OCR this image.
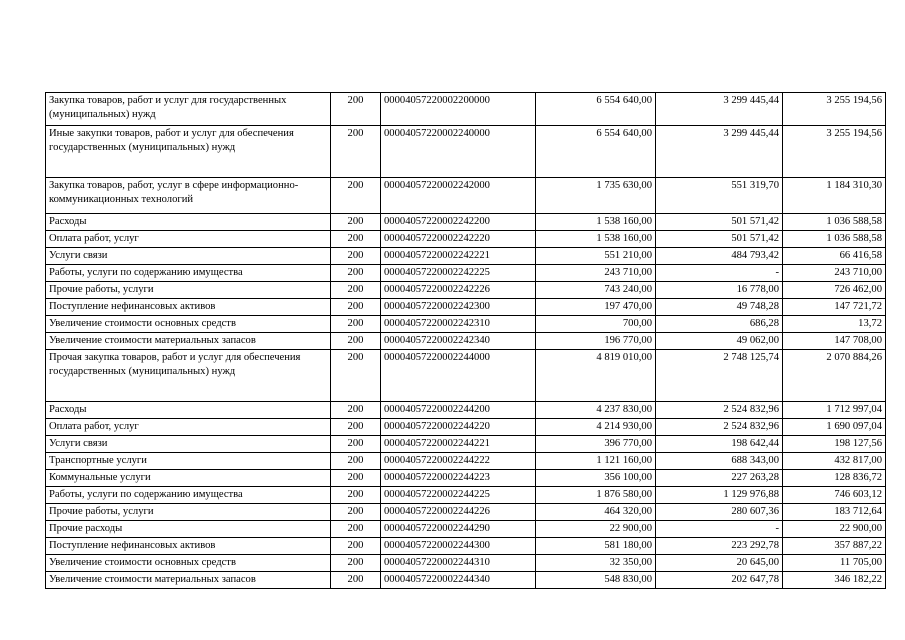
Закупка товаров, работ и услуг для государственных (муниципальных) нужд	200	00004057220002200000	6 554 640,00	3 299 445,44	3 255 194,56
Иные закупки товаров, работ и услуг для обеспечения государственных (муниципальных) нужд	200	00004057220002240000	6 554 640,00	3 299 445,44	3 255 194,56
Закупка товаров, работ, услуг в сфере информационно-коммуникационных технологий	200	00004057220002242000	1 735 630,00	551 319,70	1 184 310,30
Расходы	200	00004057220002242200	1 538 160,00	501 571,42	1 036 588,58
Оплата работ, услуг	200	00004057220002242220	1 538 160,00	501 571,42	1 036 588,58
Услуги связи	200	00004057220002242221	551 210,00	484 793,42	66 416,58
Работы, услуги по содержанию имущества	200	00004057220002242225	243 710,00	-	243 710,00
Прочие работы, услуги	200	00004057220002242226	743 240,00	16 778,00	726 462,00
Поступление нефинансовых активов	200	00004057220002242300	197 470,00	49 748,28	147 721,72
Увеличение стоимости основных средств	200	00004057220002242310	700,00	686,28	13,72
Увеличение стоимости материальных запасов	200	00004057220002242340	196 770,00	49 062,00	147 708,00
Прочая закупка товаров, работ и услуг для обеспечения государственных (муниципальных) нужд	200	00004057220002244000	4 819 010,00	2 748 125,74	2 070 884,26
Расходы	200	00004057220002244200	4 237 830,00	2 524 832,96	1 712 997,04
Оплата работ, услуг	200	00004057220002244220	4 214 930,00	2 524 832,96	1 690 097,04
Услуги связи	200	00004057220002244221	396 770,00	198 642,44	198 127,56
Транспортные услуги	200	00004057220002244222	1 121 160,00	688 343,00	432 817,00
Коммунальные услуги	200	00004057220002244223	356 100,00	227 263,28	128 836,72
Работы, услуги по содержанию имущества	200	00004057220002244225	1 876 580,00	1 129 976,88	746 603,12
Прочие работы, услуги	200	00004057220002244226	464 320,00	280 607,36	183 712,64
Прочие расходы	200	00004057220002244290	22 900,00	-	22 900,00
Поступление нефинансовых активов	200	00004057220002244300	581 180,00	223 292,78	357 887,22
Увеличение стоимости основных средств	200	00004057220002244310	32 350,00	20 645,00	11 705,00
Увеличение стоимости материальных запасов	200	00004057220002244340	548 830,00	202 647,78	346 182,22
